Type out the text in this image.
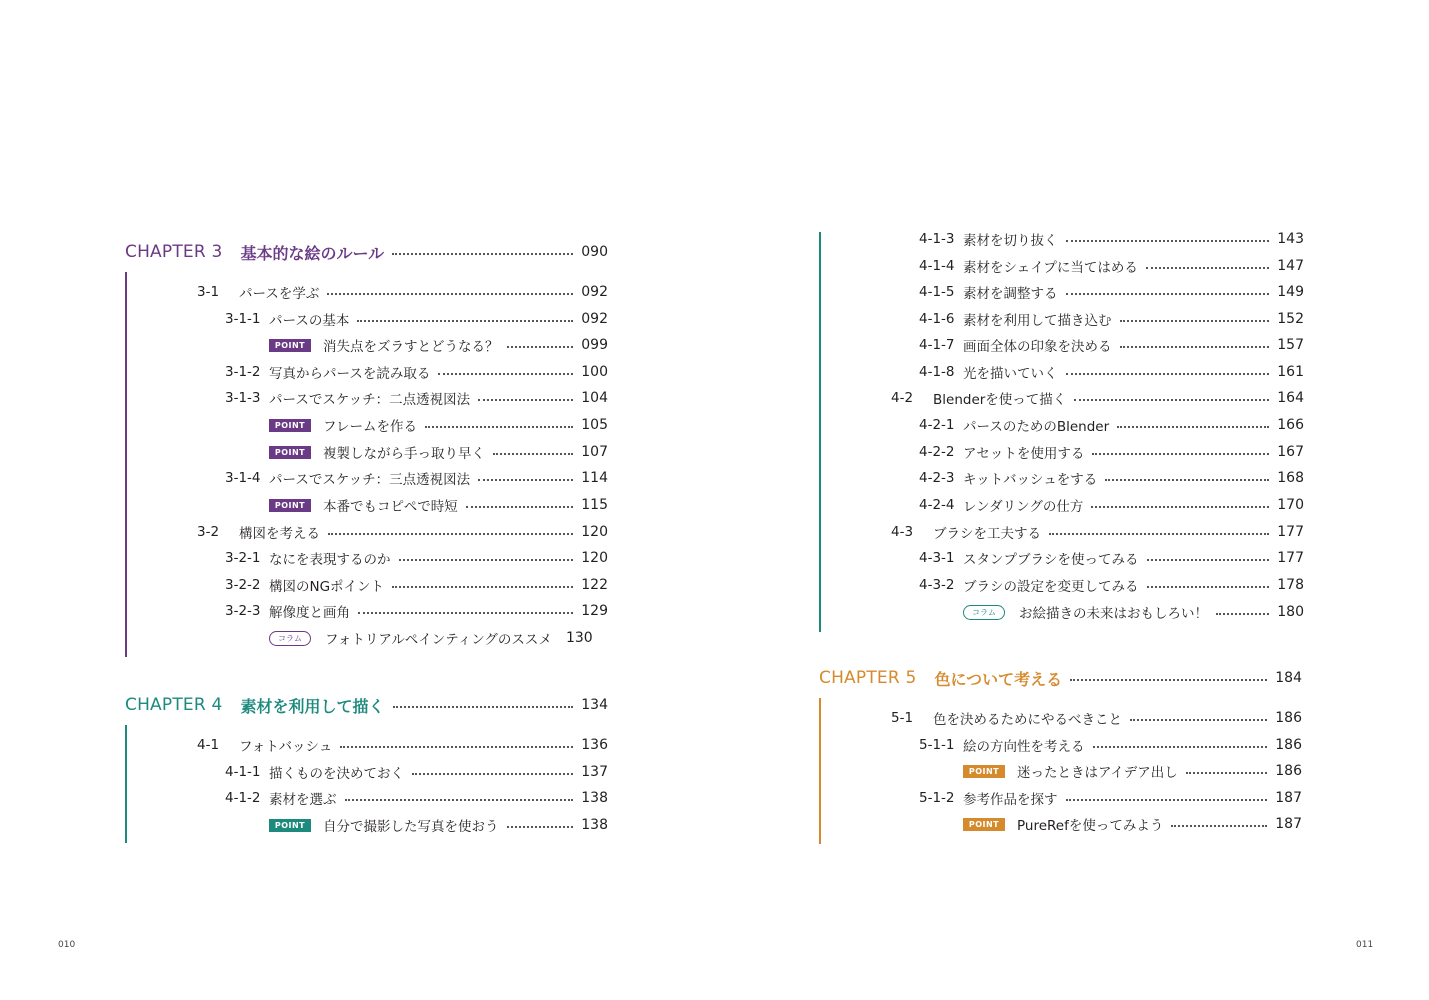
CHAPTER 3 基本的な絵のルール	090
3-1	パースを学ぶ	092
3-1-1 パースの基本	092
POINT	消失点をズラすとどうなる？	099
3-1-2 写真からパースを読み取る	100
3-1-3 パースでスケッチ：二点透視図法	104
POINT	フレームを作る	105
POINT	複製しながら手っ取り早く	107
3-1-4 パースでスケッチ：三点透視図法	114
POINT	本番でもコピペで時短	115
3-2	構図を考える	120
3-2-1 なにを表現するのか	120
3-2-2 構図のNGポイント	122
3-2-3 解像度と画角	129
コラム	フォトリアルペインティングのススメ 130
CHAPTER 4 素材を利用して描く	134
4-1	フォトバッシュ	136
4-1-1 描くものを決めておく	137
4-1-2 素材を選ぶ	138
POINT	自分で撮影した写真を使おう	138
010
4-1-3 素材を切り抜く	143
4-1-4 素材をシェイプに当てはめる	147
4-1-5 素材を調整する	149
4-1-6 素材を利用して描き込む	152
4-1-7 画面全体の印象を決める	157
4-1-8 光を描いていく	161
4-2	Blenderを使って描く	164
4-2-1 パースのためのBlender	166
4-2-2 アセットを使用する	167
4-2-3 キットバッシュをする	168
4-2-4 レンダリングの仕方	170
4-3	ブラシを工夫する	177
4-3-1 スタンプブラシを使ってみる	177
4-3-2 ブラシの設定を変更してみる	178
コラム	お絵描きの未来はおもしろい！	180
CHAPTER 5 色について考える	184
5-1	色を決めるためにやるべきこと	186
5-1-1 絵の方向性を考える	186
POINT	迷ったときはアイデア出し	186
5-1-2 参考作品を探す	187
POINT	PureRefを使ってみよう	187
011
